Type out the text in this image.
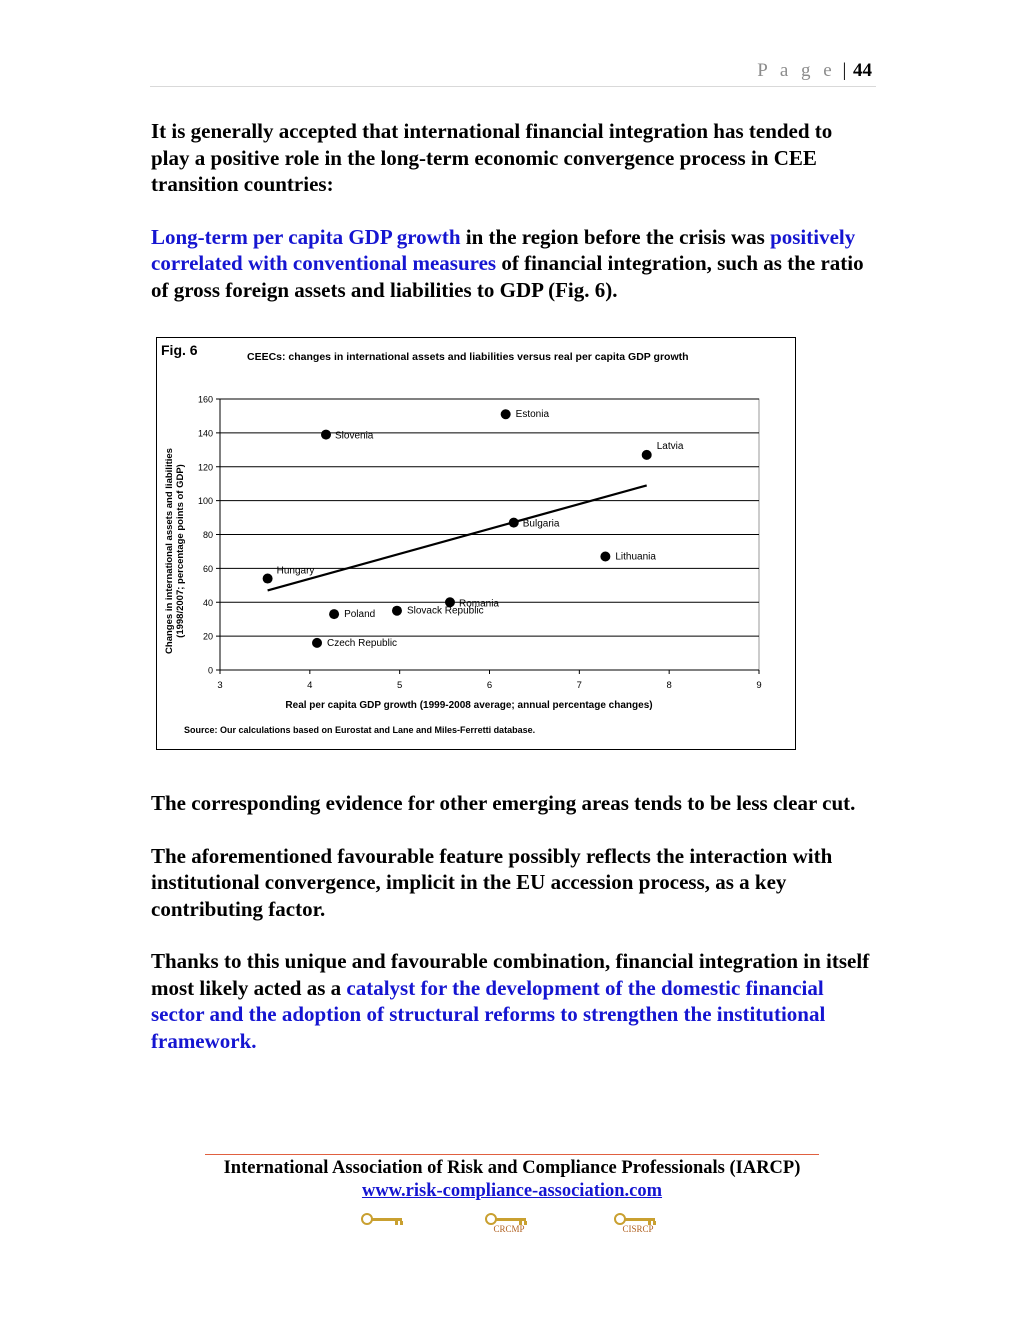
P a g e | 44

It is generally accepted that international financial integration has tended to play a positive role in the long-term economic convergence process in CEE transition countries:

Long-term per capita GDP growth in the region before the crisis was positively correlated with conventional measures of financial integration, such as the ratio of gross foreign assets and liabilities to GDP (Fig. 6).

Fig. 6	CEECs: changes in international assets and liabilities versus real per capita GDP growth
0
20
40
60
80
100
120
140
160
3	4	5	6	7	8	9
Estonia
Slovenia
Latvia
Bulgaria
Lithuania
Hungary
Romania
Slovack Republic
Poland
Czech Republic
Real per capita GDP growth (1999-2008 average; annual percentage changes)
Changes in international assets and liabilities (1998/2007; percentage points of GDP)
Source: Our calculations based on Eurostat and Lane and Miles-Ferretti database.

The corresponding evidence for other emerging areas tends to be less clear cut.

The aforementioned favourable feature possibly reflects the interaction with institutional convergence, implicit in the EU accession process, as a key contributing factor.

Thanks to this unique and favourable combination, financial integration in itself most likely acted as a catalyst for the development of the domestic financial sector and the adoption of structural reforms to strengthen the institutional framework.

International Association of Risk and Compliance Professionals (IARCP)
www.risk-compliance-association.com
CRCMP	CISRCP
